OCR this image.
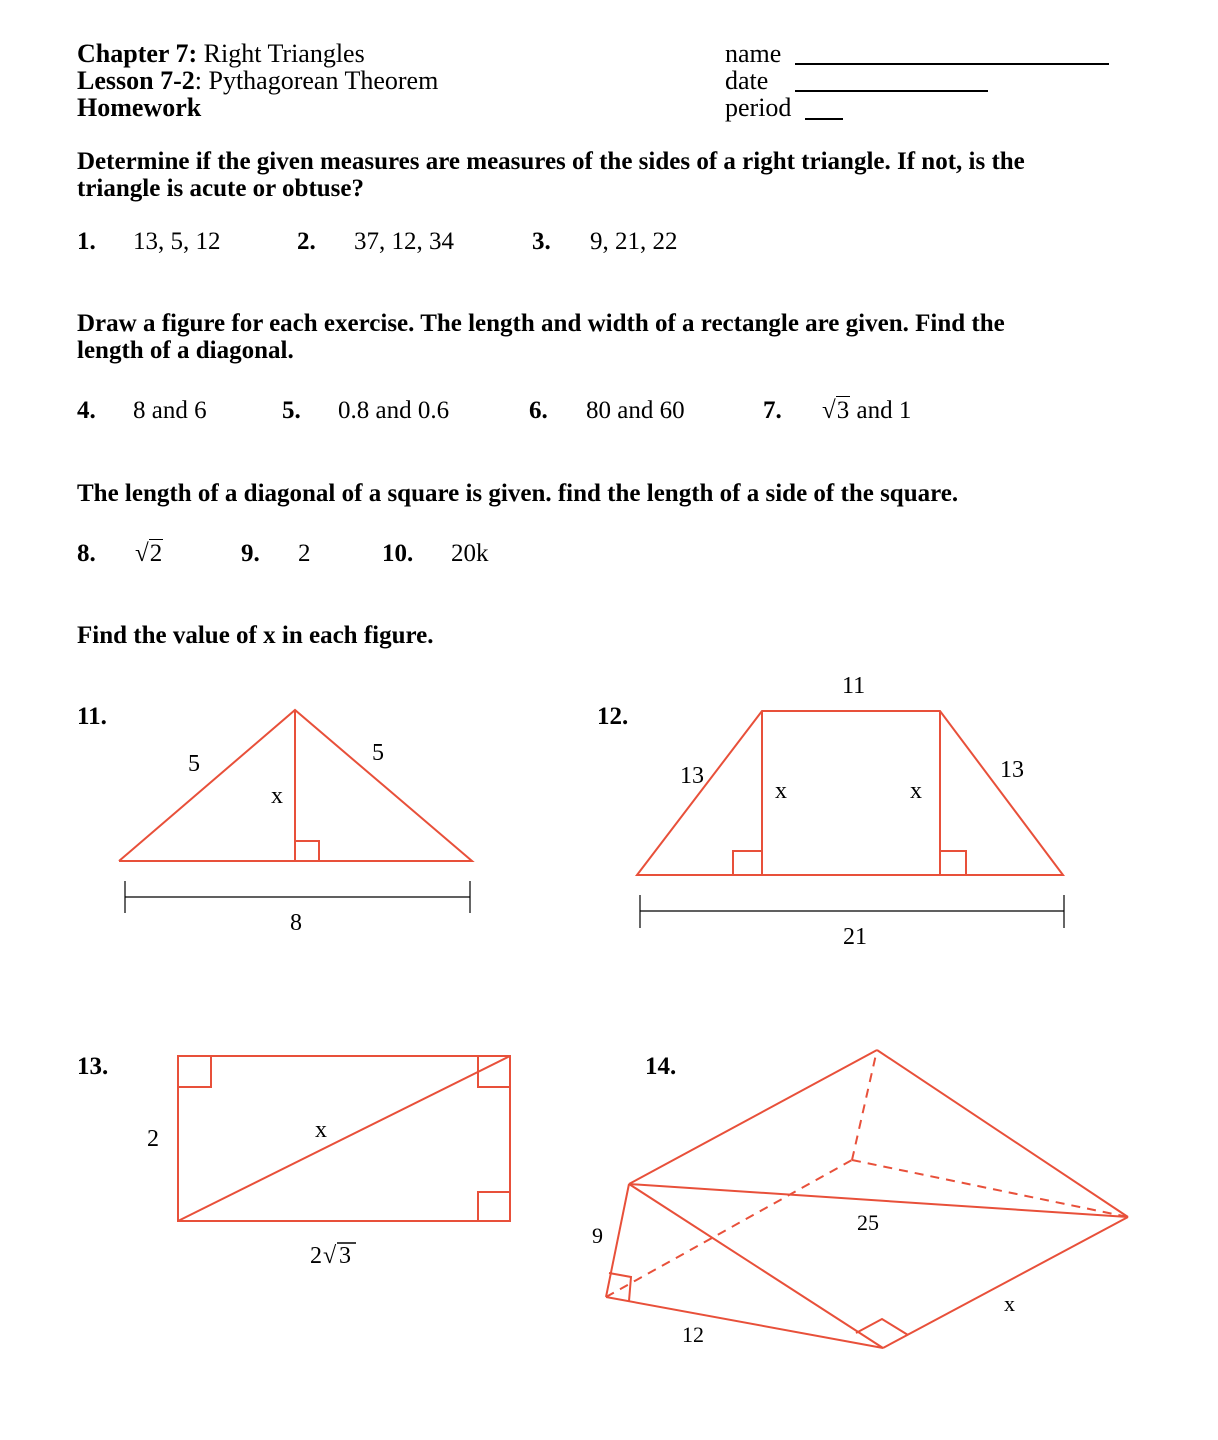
Chapter 7: Right Triangles
Lesson 7-2: Pythagorean Theorem
Homework
name
date
period
Determine if the given measures are measures of the sides of a right triangle. If not, is the
triangle is acute or obtuse?
1. 13, 5, 12	2. 37, 12, 34	3. 9, 21, 22
Draw a figure for each exercise. The length and width of a rectangle are given. Find the
length of a diagonal.
4. 8 and 6	5. 0.8 and 0.6	6. 80 and 60	7. √3 and 1
The length of a diagonal of a square is given. find the length of a side of the square.
8. √2	9. 2	10. 20k
Find the value of x in each figure.
11.	12.
13.	14.
5	5
x
8
11
13	13
x	x
21
2	x
2 √ 3
9
12
25
x
